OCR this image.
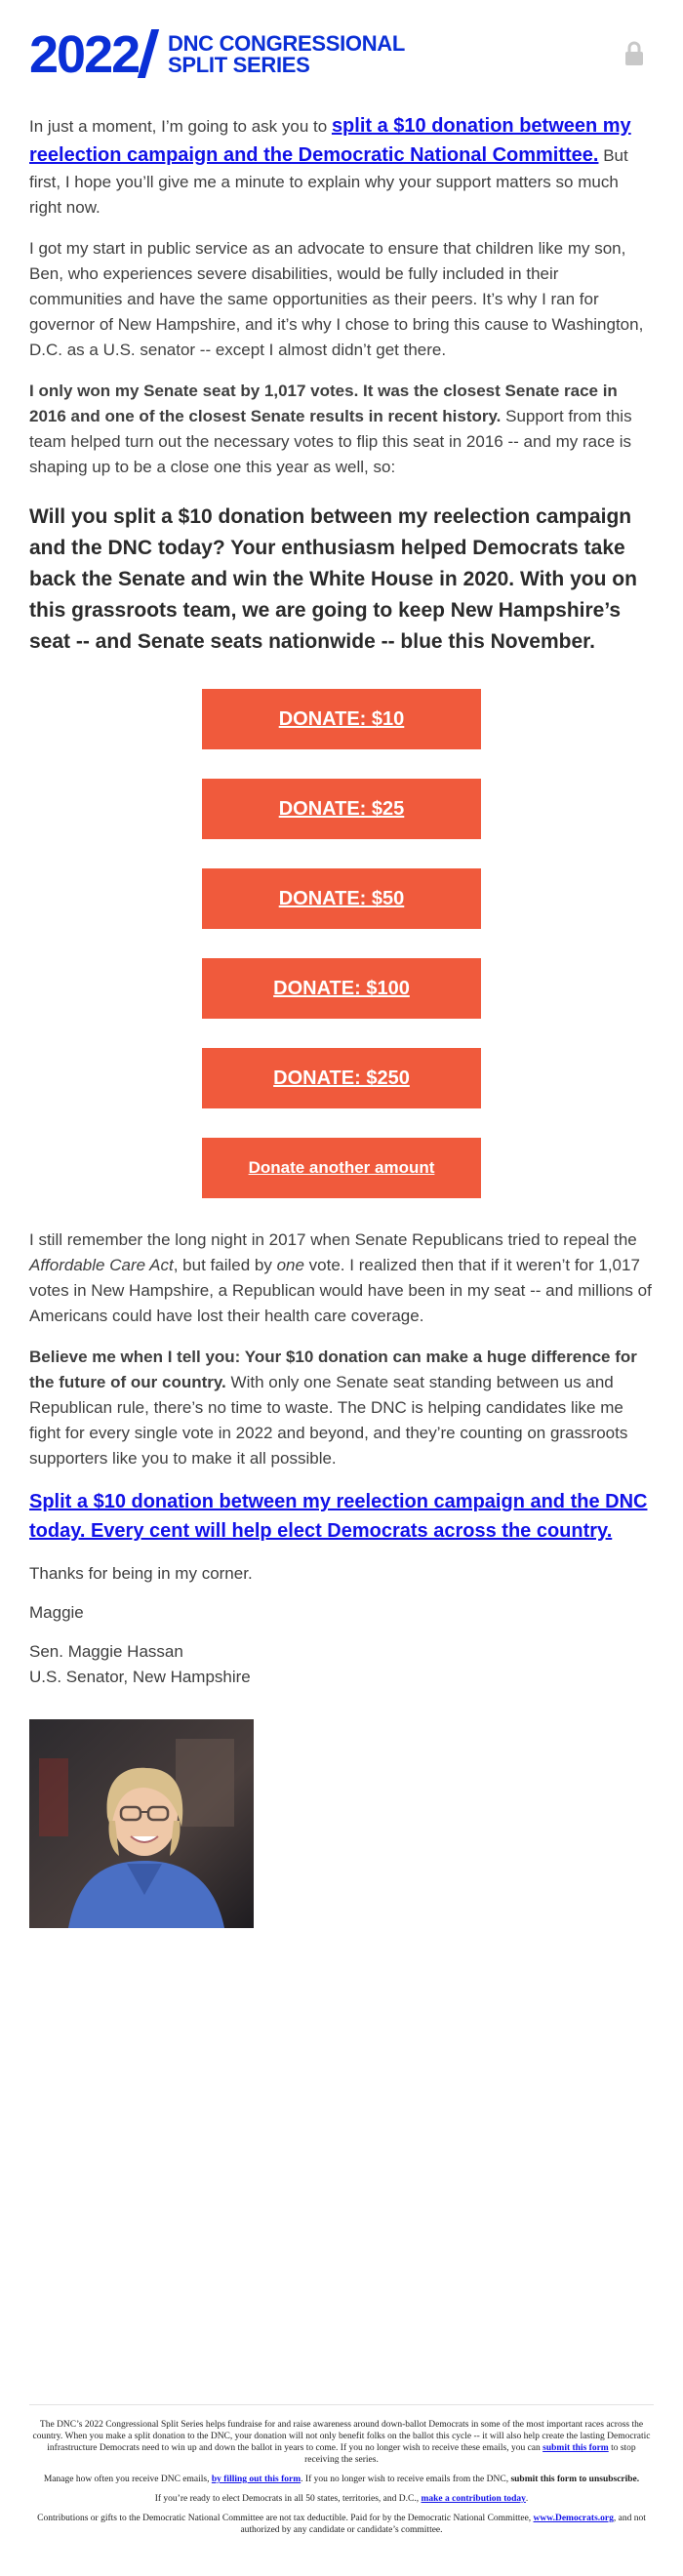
2022 DNC CONGRESSIONAL
SPLIT SERIES

In just a moment, I’m going to ask you to split a $10 donation between my reelection campaign and the Democratic National Committee. But first, I hope you’ll give me a minute to explain why your support matters so much right now.

I got my start in public service as an advocate to ensure that children like my son, Ben, who experiences severe disabilities, would be fully included in their communities and have the same opportunities as their peers. It’s why I ran for governor of New Hampshire, and it’s why I chose to bring this cause to Washington, D.C. as a U.S. senator -- except I almost didn’t get there.

I only won my Senate seat by 1,017 votes. It was the closest Senate race in 2016 and one of the closest Senate results in recent history. Support from this team helped turn out the necessary votes to flip this seat in 2016 -- and my race is shaping up to be a close one this year as well, so:

Will you split a $10 donation between my reelection campaign and the DNC today? Your enthusiasm helped Democrats take back the Senate and win the White House in 2020. With you on this grassroots team, we are going to keep New Hampshire’s seat -- and Senate seats nationwide -- blue this November.
DONATE: $10
DONATE: $25
DONATE: $50
DONATE: $100
DONATE: $250
Donate another amount

I still remember the long night in 2017 when Senate Republicans tried to repeal the Affordable Care Act, but failed by one vote. I realized then that if it weren’t for 1,017 votes in New Hampshire, a Republican would have been in my seat -- and millions of Americans could have lost their health care coverage.

Believe me when I tell you: Your $10 donation can make a huge difference for the future of our country. With only one Senate seat standing between us and Republican rule, there’s no time to waste. The DNC is helping candidates like me fight for every single vote in 2022 and beyond, and they’re counting on grassroots supporters like you to make it all possible.

Split a $10 donation between my reelection campaign and the DNC today. Every cent will help elect Democrats across the country.

Thanks for being in my corner.

Maggie

Sen. Maggie Hassan
U.S. Senator, New Hampshire

The DNC’s 2022 Congressional Split Series helps fundraise for and raise awareness around down-ballot Democrats in some of the most important races across the country. When you make a split donation to the DNC, your donation will not only benefit folks on the ballot this cycle -- it will also help create the lasting Democratic infrastructure Democrats need to win up and down the ballot in years to come. If you no longer wish to receive these emails, you can submit this form to stop receiving the series.

Manage how often you receive DNC emails, by filling out this form. If you no longer wish to receive emails from the DNC, submit this form to unsubscribe.

If you’re ready to elect Democrats in all 50 states, territories, and D.C., make a contribution today.

Contributions or gifts to the Democratic National Committee are not tax deductible. Paid for by the Democratic National Committee, www.Democrats.org, and not authorized by any candidate or candidate’s committee.
